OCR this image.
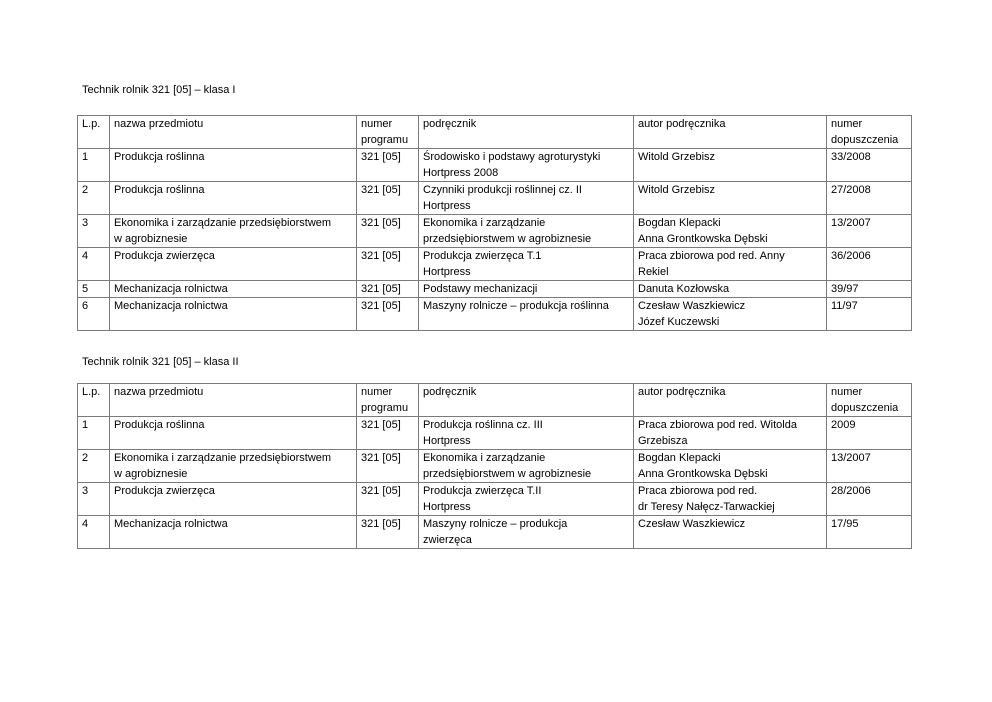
Technik rolnik 321 [05] – klasa I

L.p.	nazwa przedmiotu	numer
programu	podręcznik	autor podręcznika	numer
dopuszczenia

1	Produkcja roślinna	321 [05]	Środowisko i podstawy agroturystyki
Hortpress 2008	Witold Grzebisz	33/2008

2	Produkcja roślinna	321 [05]	Czynniki produkcji roślinnej cz. II
Hortpress	Witold Grzebisz	27/2008

3	Ekonomika i zarządzanie przedsiębiorstwem
w agrobiznesie	321 [05]	Ekonomika i zarządzanie
przedsiębiorstwem w agrobiznesie	Bogdan Klepacki
Anna Grontkowska Dębski	13/2007

4	Produkcja zwierzęca	321 [05]	Produkcja zwierzęca T.1
Hortpress	Praca zbiorowa pod red. Anny
Rekiel	36/2006

5	Mechanizacja rolnictwa	321 [05]	Podstawy mechanizacji	Danuta Kozłowska	39/97

6	Mechanizacja rolnictwa	321 [05]	Maszyny rolnicze – produkcja roślinna	Czesław Waszkiewicz
Józef Kuczewski	11/97

Technik rolnik 321 [05] – klasa II

L.p.	nazwa przedmiotu	numer
programu	podręcznik	autor podręcznika	numer
dopuszczenia

1	Produkcja roślinna	321 [05]	Produkcja roślinna cz. III
Hortpress	Praca zbiorowa pod red. Witolda
Grzebisza	2009

2	Ekonomika i zarządzanie przedsiębiorstwem
w agrobiznesie	321 [05]	Ekonomika i zarządzanie
przedsiębiorstwem w agrobiznesie	Bogdan Klepacki
Anna Grontkowska Dębski	13/2007

3	Produkcja zwierzęca	321 [05]	Produkcja zwierzęca T.II
Hortpress	Praca zbiorowa pod red.
dr Teresy Nałęcz-Tarwackiej	28/2006

4	Mechanizacja rolnictwa	321 [05]	Maszyny rolnicze – produkcja
zwierzęca	Czesław Waszkiewicz	17/95
